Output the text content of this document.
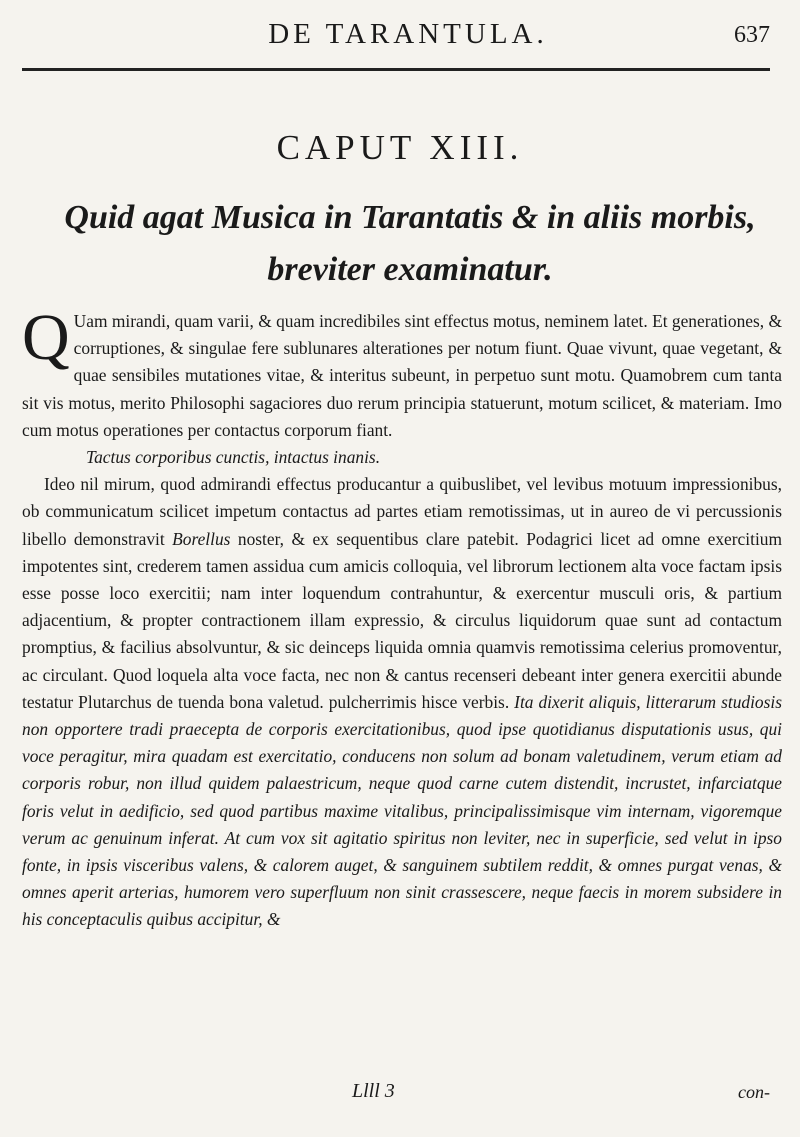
DE TARANTULA.	637
CAPUT XIII.
Quid agat Musica in Tarantatis & in aliis morbis, breviter examinatur.

Q Uam mirandi, quam varii, & quam incredibiles sint effectus motus, neminem latet. Et generationes, & corruptiones, & singulae fere sublunares alterationes per notum fiunt. Quae vivunt, quae vegetant, & quae sensibiles mutationes vitae, & interitus subeunt, in perpetuo sunt motu. Quamobrem cum tanta sit vis motus, merito Philosophi sagaciores duo rerum principia statuerunt, motum scilicet, & materiam. Imo cum motus operationes per contactus corporum fiant.

Tactus corporibus cunctis, intactus inanis.

Ideo nil mirum, quod admirandi effectus producantur a quibuslibet, vel levibus motuum impressionibus, ob communicatum scilicet impetum contactus ad partes etiam remotissimas, ut in aureo de vi percussionis libello demonstravit Borellus noster, & ex sequentibus clare patebit. Podagrici licet ad omne exercitium impotentes sint, crederem tamen assidua cum amicis colloquia, vel librorum lectionem alta voce factam ipsis esse posse loco exercitii; nam inter loquendum contrahuntur, & exercentur musculi oris, & partium adjacentium, & propter contractionem illam expressio, & circulus liquidorum quae sunt ad contactum promptius, & facilius absolvuntur, & sic deinceps liquida omnia quamvis remotissima celerius promoventur, ac circulant. Quod loquela alta voce facta, nec non & cantus recenseri debeant inter genera exercitii abunde testatur Plutarchus de tuenda bona valetud. pulcherrimis hisce verbis. Ita dixerit aliquis, litterarum studiosis non opportere tradi praecepta de corporis exercitationibus, quod ipse quotidianus disputationis usus, qui voce peragitur, mira quadam est exercitatio, conducens non solum ad bonam valetudinem, verum etiam ad corporis robur, non illud quidem palaestricum, neque quod carne cutem distendit, incrustet, infarciatque foris velut in aedificio, sed quod partibus maxime vitalibus, principalissimisque vim internam, vigoremque verum ac genuinum inferat. At cum vox sit agitatio spiritus non leviter, nec in superficie, sed velut in ipso fonte, in ipsis visceribus valens, & calorem auget, & sanguinem subtilem reddit, & omnes purgat venas, & omnes aperit arterias, humorem vero superfluum non sinit crassescere, neque faecis in morem subsidere in his conceptaculis quibus accipitur, &

Llll 3	con-
